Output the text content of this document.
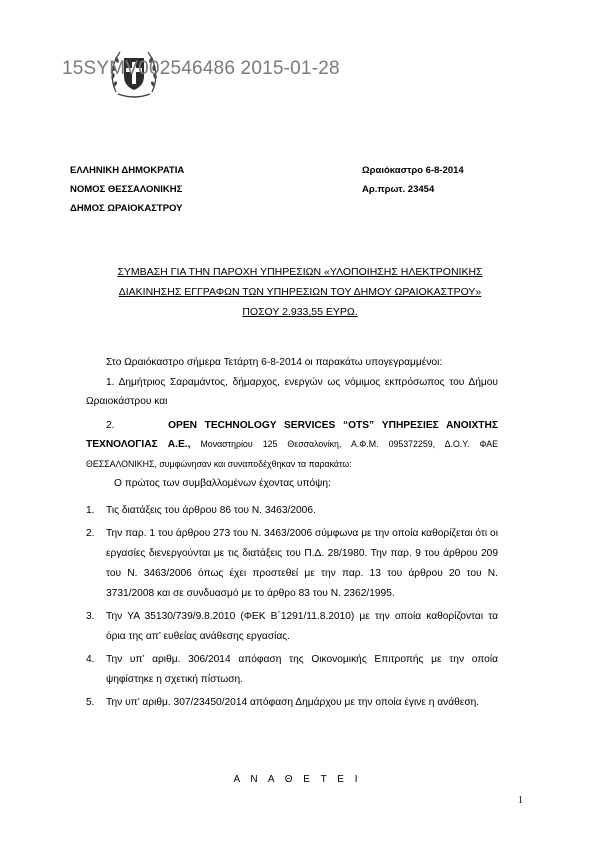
15SYMV002546486 2015-01-28
ΕΛΛΗΝΙΚΗ ΔΗΜΟΚΡΑΤΙΑ
ΝΟΜΟΣ ΘΕΣΣΑΛΟΝΙΚΗΣ
ΔΗΜΟΣ ΩΡΑΙΟΚΑΣΤΡΟΥ
Ωραιόκαστρο 6-8-2014
Αρ.πρωτ. 23454
ΣΥΜΒΑΣΗ ΓΙΑ ΤΗΝ ΠΑΡΟΧΗ ΥΠΗΡΕΣΙΩΝ «ΥΛΟΠΟΙΗΣΗΣ ΗΛΕΚΤΡΟΝΙΚΗΣ
ΔΙΑΚΙΝΗΣΗΣ ΕΓΓΡΑΦΩΝ ΤΩΝ ΥΠΗΡΕΣΙΩΝ ΤΟΥ ΔΗΜΟΥ ΩΡΑΙΟΚΑΣΤΡΟΥ»
ΠΟΣΟΥ 2.933,55 ΕΥΡΩ.
Στο Ωραιόκαστρο σήμερα Τετάρτη 6-8-2014 οι παρακάτω υπογεγραμμένοι:
1. Δημήτριος Σαραμάντος, δήμαρχος, ενεργών ως νόμιμος εκπρόσωπος του Δήμου Ωραιοκάστρου και
2.	OPEN TECHNOLOGY SERVICES “OTS” ΥΠΗΡΕΣΙΕΣ ΑΝΟΙΧΤΗΣ ΤΕΧΝΟΛΟΓΙΑΣ Α.Ε., Μοναστηρίου 125 Θεσσαλονίκη, Α.Φ.Μ. 095372259, Δ.Ο.Υ. ΦΑΕ ΘΕΣΣΑΛΟΝΙΚΗΣ, συμφώνησαν και συναποδέχθηκαν τα παρακάτω:
Ο πρώτος των συμβαλλομένων έχοντας υπόψη:
1.	Τις διατάξεις του άρθρου 86 του Ν. 3463/2006.
2.	Την παρ. 1 του άρθρου 273 του Ν. 3463/2006 σύμφωνα με την οποία καθορίζεται ότι οι εργασίες διενεργούνται με τις διατάξεις του Π.Δ. 28/1980. Την παρ. 9 του άρθρου 209 του Ν. 3463/2006 όπως έχει προστεθεί με την παρ. 13 του άρθρου 20 του Ν. 3731/2008 και σε συνδυασμό με το άρθρο 83 του Ν. 2362/1995.
3.	Την ΥΑ 35130/739/9.8.2010 (ΦΕΚ Β΄1291/11.8.2010) με την οποία καθορίζονται τα όρια της απ’ ευθείας ανάθεσης εργασίας.
4.	Την υπ’ αριθμ. 306/2014 απόφαση της Οικονομικής Επιτροπής με την οποία ψηφίστηκε η σχετική πίστωση.
5.	Την υπ’ αριθμ. 307/23450/2014 απόφαση Δημάρχου με την οποία έγινε η ανάθεση.
Α Ν Α Θ Ε Τ Ε Ι
1
